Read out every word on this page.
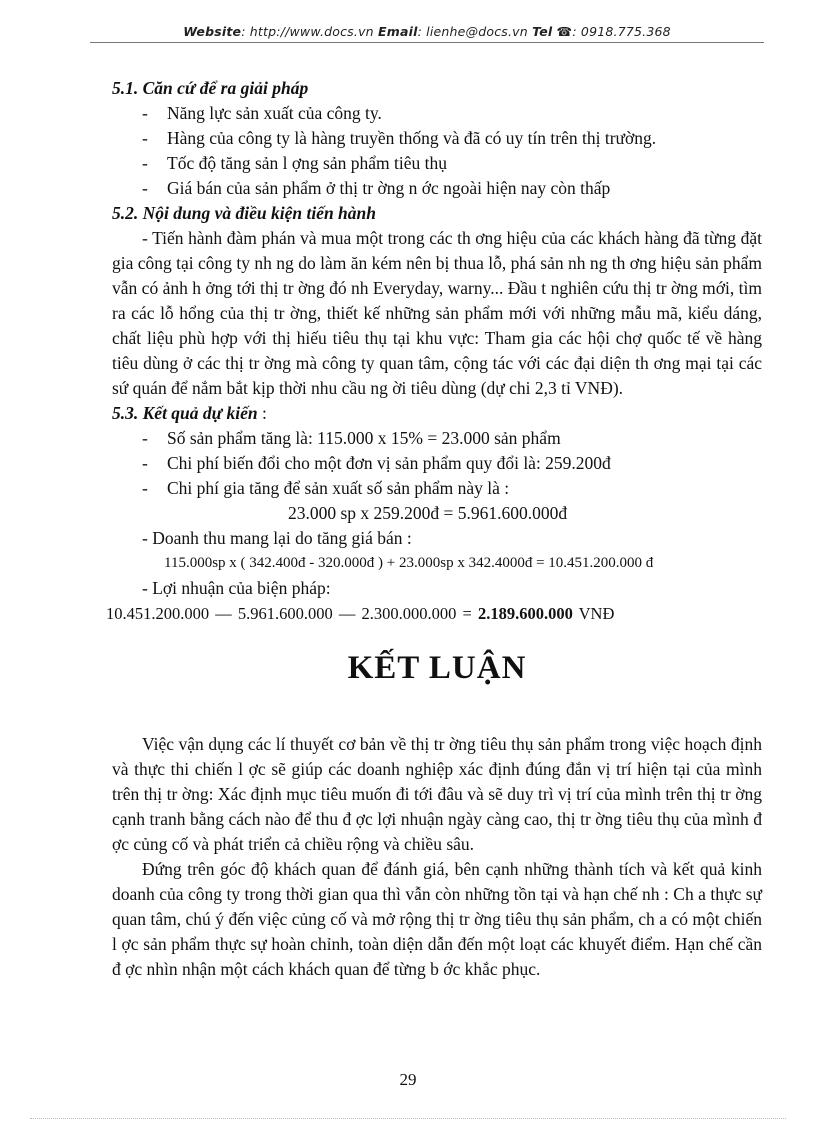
Website: http://www.docs.vn Email: lienhe@docs.vn Tel ☎: 0918.775.368

5.1. Căn cứ để ra giải pháp

- Năng lực sản xuất của công ty.

- Hàng của công ty là hàng truyền thống và đã có uy tín trên thị trường.

- Tốc độ tăng sản l ợng sản phẩm tiêu thụ

- Giá bán của sản phẩm ở thị tr ờng n ớc ngoài hiện nay còn thấp

5.2. Nội dung và điều kiện tiến hành

- Tiến hành đàm phán và mua một trong các th ơng hiệu của các khách hàng đã từng đặt gia công tại công ty nh ng do làm ăn kém nên bị thua lỗ, phá sản nh ng th ơng hiệu sản phẩm vẫn có ảnh h ởng tới thị tr ờng đó nh Everyday, warny... Đầu t nghiên cứu thị tr ờng mới, tìm ra các lỗ hổng của thị tr ờng, thiết kế những sản phẩm mới với những mẫu mã, kiểu dáng, chất liệu phù hợp với thị hiếu tiêu thụ tại khu vực: Tham gia các hội chợ quốc tế về hàng tiêu dùng ở các thị tr ờng mà công ty quan tâm, cộng tác với các đại diện th ơng mại tại các sứ quán để nắm bắt kịp thời nhu cầu ng ời tiêu dùng (dự chi 2,3 tỉ VNĐ).

5.3. Kết quả dự kiến :

- Số sản phẩm tăng là: 115.000 x 15% = 23.000 sản phẩm

- Chi phí biến đổi cho một đơn vị sản phẩm quy đổi là: 259.200đ

- Chi phí gia tăng để sản xuất số sản phẩm này là :

23.000 sp x 259.200đ = 5.961.600.000đ

- Doanh thu mang lại do tăng giá bán :

115.000sp x ( 342.400đ - 320.000đ ) + 23.000sp x 342.4000đ = 10.451.200.000 đ

- Lợi nhuận của biện pháp:

10.451.200.000 — 5.961.600.000 — 2.300.000.000 = 2.189.600.000 VNĐ

KẾT LUẬN

Việc vận dụng các lí thuyết cơ bản về thị tr ờng tiêu thụ sản phẩm trong việc hoạch định và thực thi chiến l ợc sẽ giúp các doanh nghiệp xác định đúng đắn vị trí hiện tại của mình trên thị tr ờng: Xác định mục tiêu muốn đi tới đâu và sẽ duy trì vị trí của mình trên thị tr ờng cạnh tranh bằng cách nào để thu đ ợc lợi nhuận ngày càng cao, thị tr ờng tiêu thụ của mình đ ợc củng cố và phát triển cả chiều rộng và chiều sâu.

Đứng trên góc độ khách quan để đánh giá, bên cạnh những thành tích và kết quả kinh doanh của công ty trong thời gian qua thì vẫn còn những tồn tại và hạn chế nh : Ch a thực sự quan tâm, chú ý đến việc củng cố và mở rộng thị tr ờng tiêu thụ sản phẩm, ch a có một chiến l ợc sản phẩm thực sự hoàn chỉnh, toàn diện dẫn đến một loạt các khuyết điểm. Hạn chế cần đ ợc nhìn nhận một cách khách quan để từng b ớc khắc phục.

29
